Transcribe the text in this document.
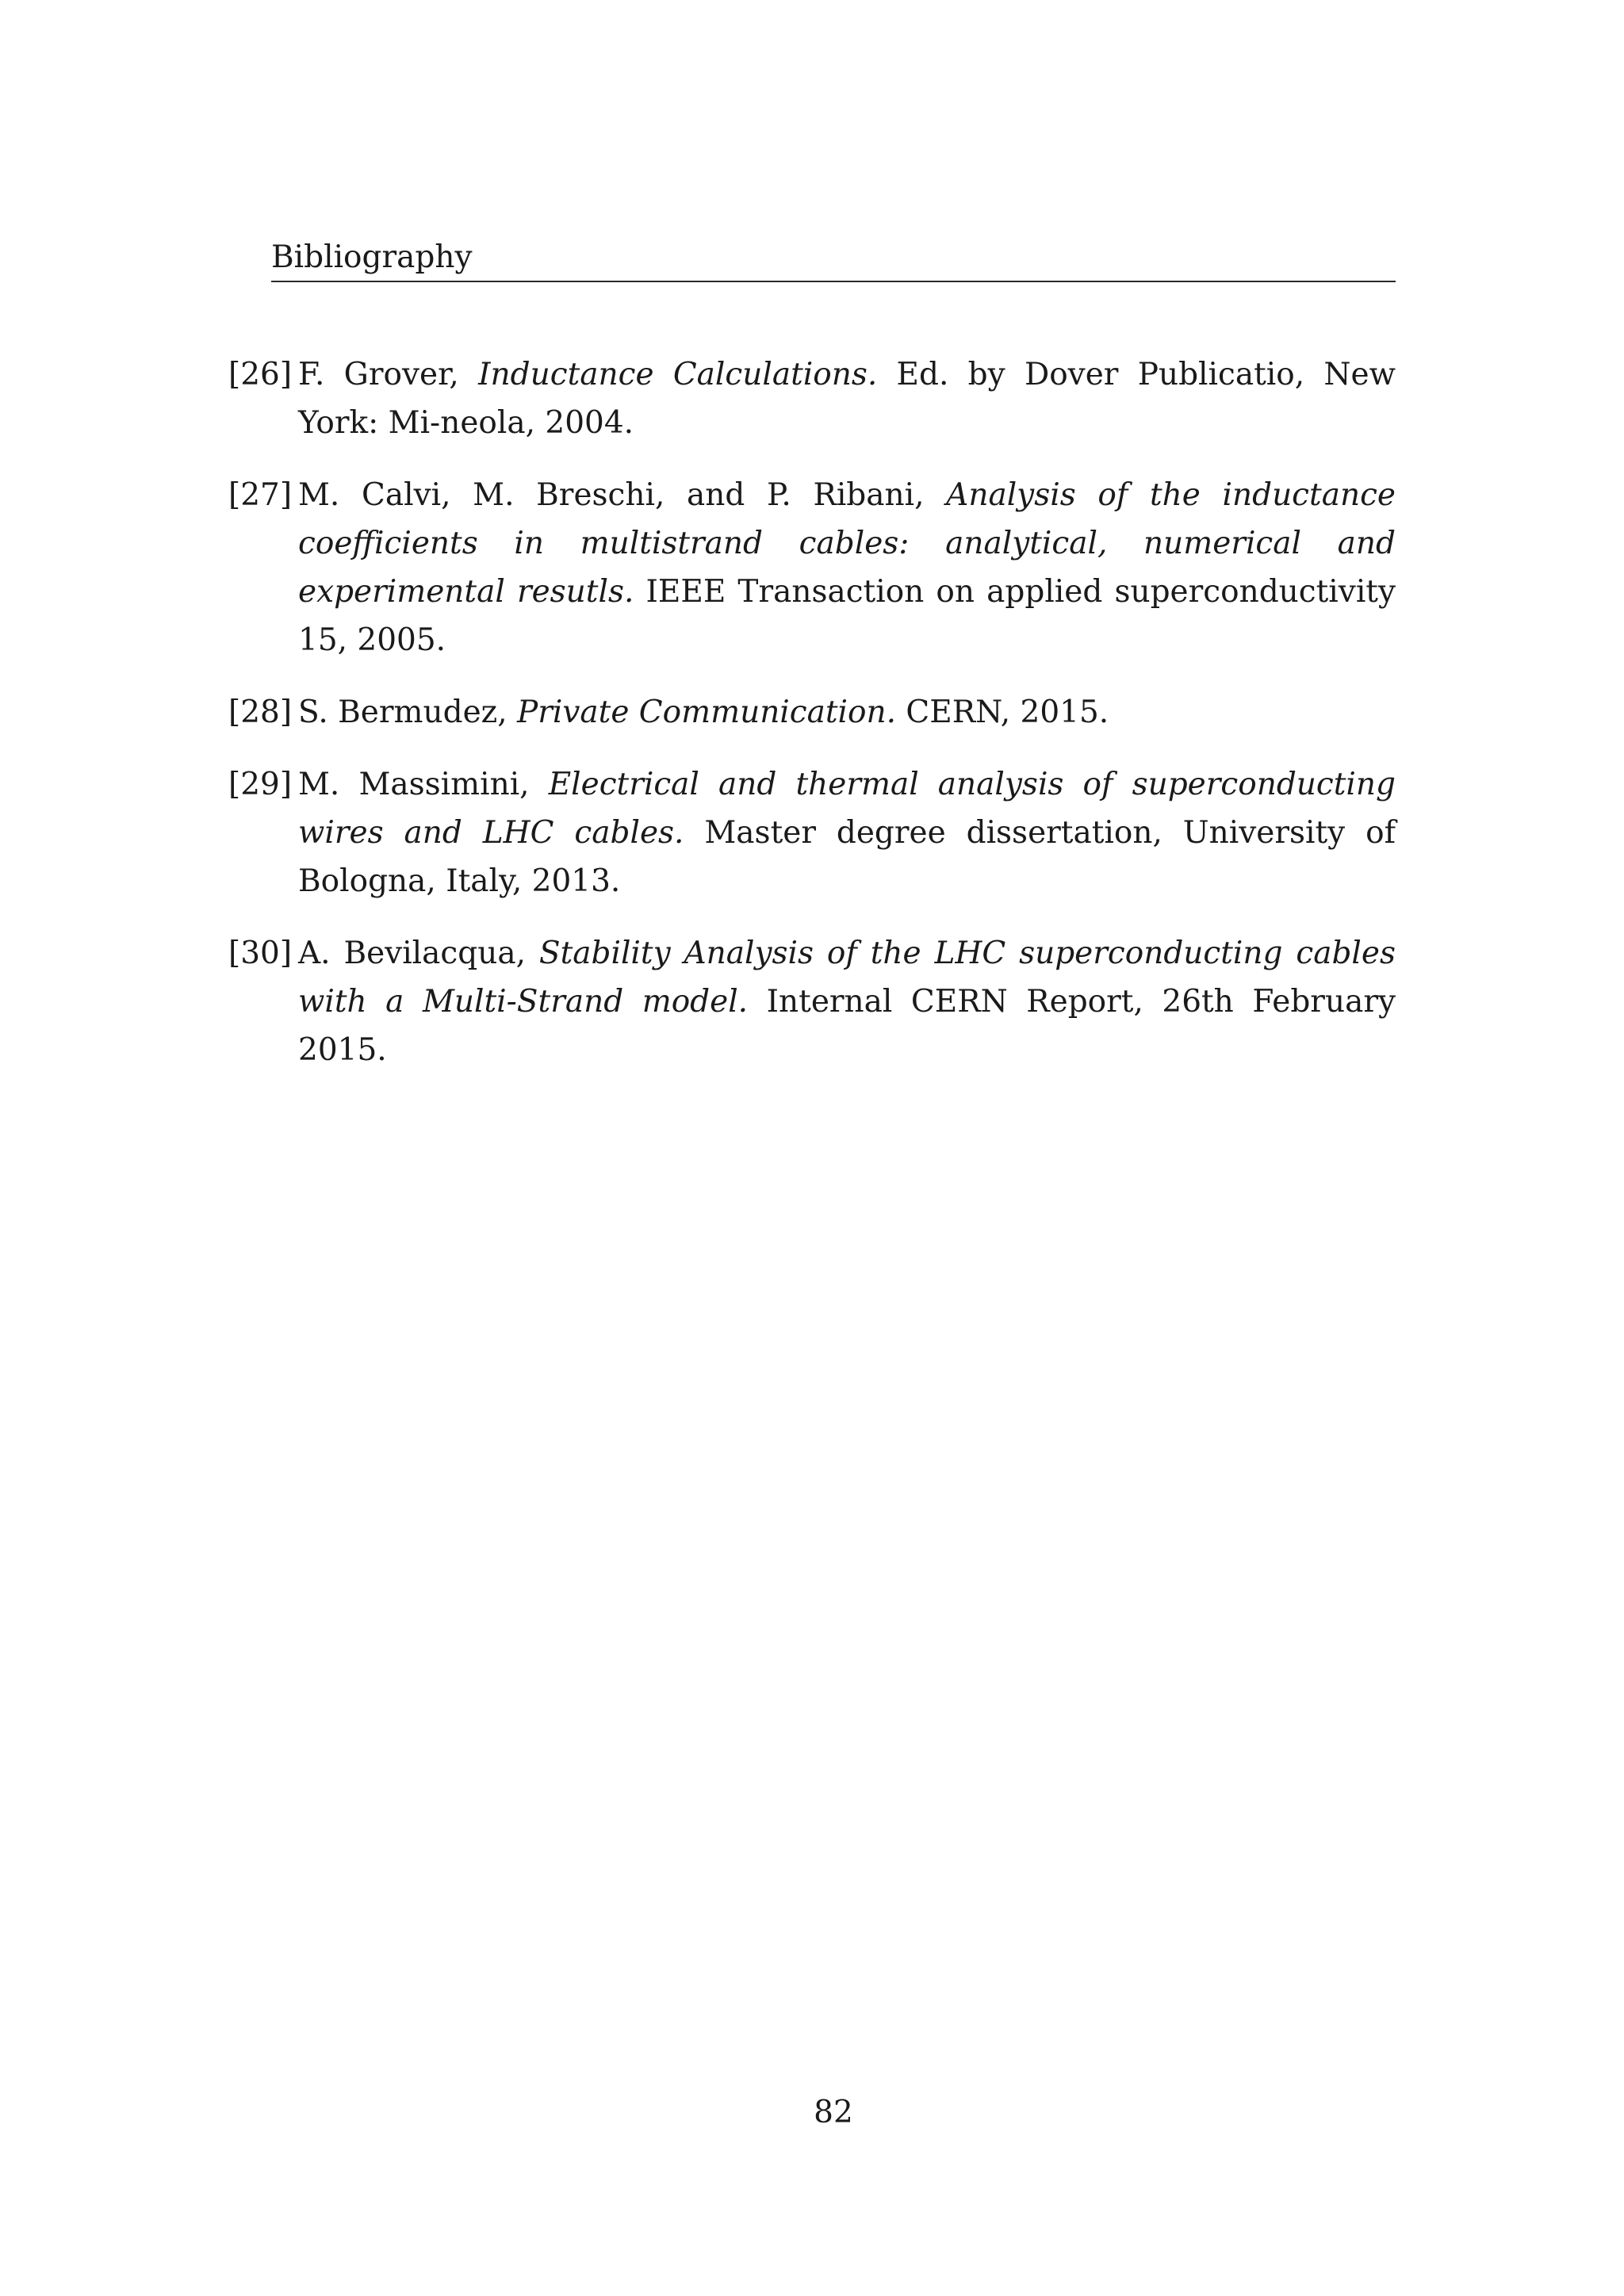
Bibliography
[26] F. Grover, Inductance Calculations. Ed. by Dover Publicatio, New York: Mi-neola, 2004.
[27] M. Calvi, M. Breschi, and P. Ribani, Analysis of the inductance coefficients in multistrand cables: analytical, numerical and experimental resutls. IEEE Transaction on applied superconductivity 15, 2005.
[28] S. Bermudez, Private Communication. CERN, 2015.
[29] M. Massimini, Electrical and thermal analysis of superconducting wires and LHC cables. Master degree dissertation, University of Bologna, Italy, 2013.
[30] A. Bevilacqua, Stability Analysis of the LHC superconducting cables with a Multi-Strand model. Internal CERN Report, 26th February 2015.
82
